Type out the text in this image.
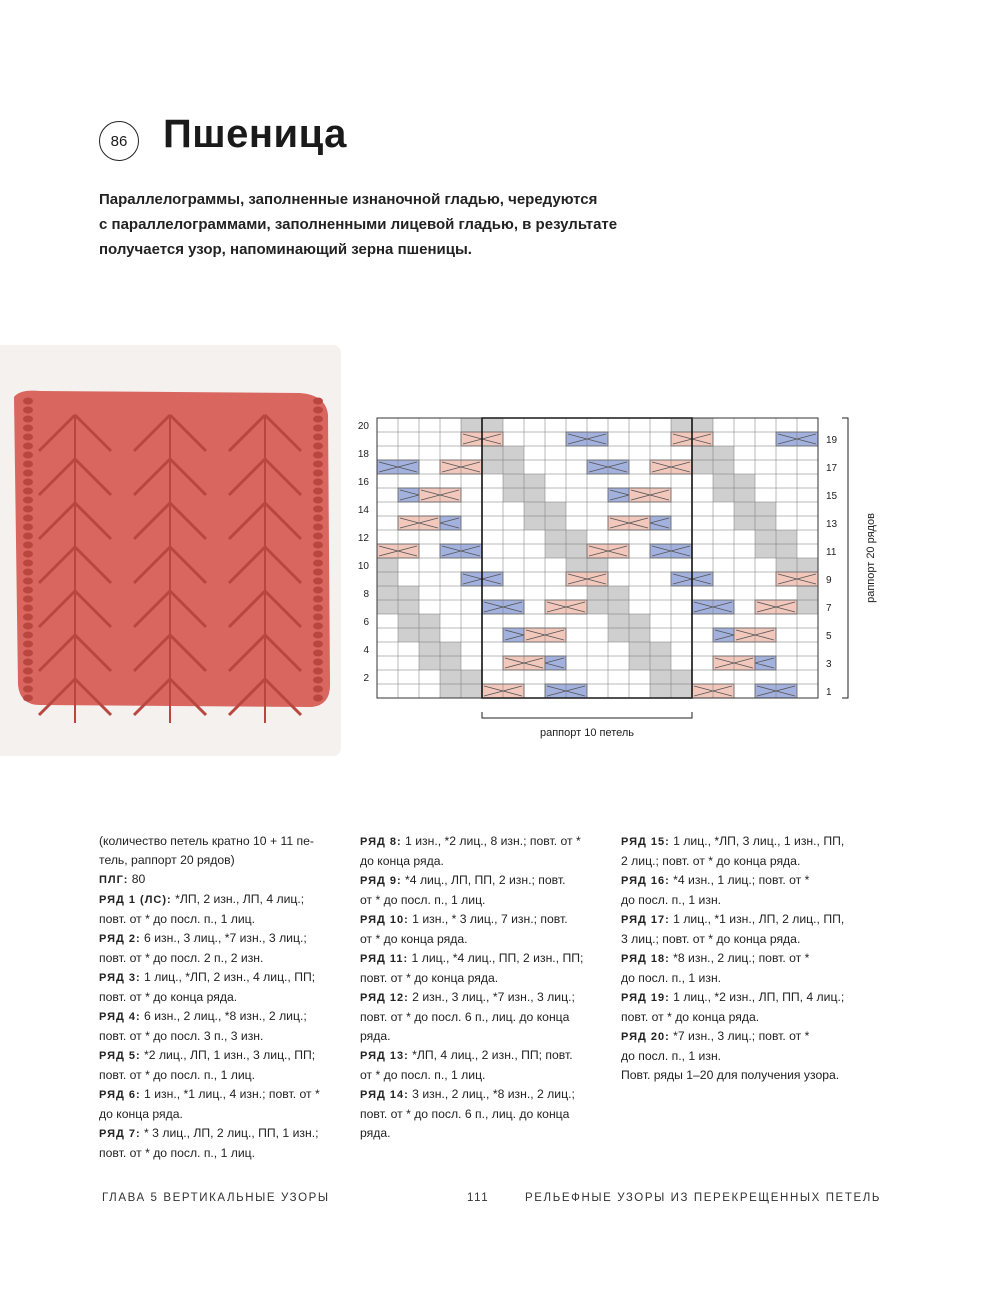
86 Пшеница
Параллелограммы, заполненные изнаночной гладью, чередуются
с параллелограммами, заполненными лицевой гладью, в результате
получается узор, напоминающий зерна пшеницы.
20
18
16
14
12
10
8
6
4
2
19
17
15
13
11
9
7
5
3
1
раппорт 20 рядов
раппорт 10 петель

(количество петель кратно 10 + 11 пе-

тель, раппорт 20 рядов)

ПЛГ: 80

РЯД 1 (ЛС): *ЛП, 2 изн., ЛП, 4 лиц.;

повт. от * до посл. п., 1 лиц.

РЯД 2: 6 изн., 3 лиц., *7 изн., 3 лиц.;

повт. от * до посл. 2 п., 2 изн.

РЯД 3: 1 лиц., *ЛП, 2 изн., 4 лиц., ПП;

повт. от * до конца ряда.

РЯД 4: 6 изн., 2 лиц., *8 изн., 2 лиц.;

повт. от * до посл. 3 п., 3 изн.

РЯД 5: *2 лиц., ЛП, 1 изн., 3 лиц., ПП;

повт. от * до посл. п., 1 лиц.

РЯД 6: 1 изн., *1 лиц., 4 изн.; повт. от *

до конца ряда.

РЯД 7: * 3 лиц., ЛП, 2 лиц., ПП, 1 изн.;

повт. от * до посл. п., 1 лиц.

РЯД 8: 1 изн., *2 лиц., 8 изн.; повт. от *

до конца ряда.

РЯД 9: *4 лиц., ЛП, ПП, 2 изн.; повт.

от * до посл. п., 1 лиц.

РЯД 10: 1 изн., * 3 лиц., 7 изн.; повт.

от * до конца ряда.

РЯД 11: 1 лиц., *4 лиц., ПП, 2 изн., ПП;

повт. от * до конца ряда.

РЯД 12: 2 изн., 3 лиц., *7 изн., 3 лиц.;

повт. от * до посл. 6 п., лиц. до конца

ряда.

РЯД 13: *ЛП, 4 лиц., 2 изн., ПП; повт.

от * до посл. п., 1 лиц.

РЯД 14: 3 изн., 2 лиц., *8 изн., 2 лиц.;

повт. от * до посл. 6 п., лиц. до конца

ряда.

РЯД 15: 1 лиц., *ЛП, 3 лиц., 1 изн., ПП,

2 лиц.; повт. от * до конца ряда.

РЯД 16: *4 изн., 1 лиц.; повт. от *

до посл. п., 1 изн.

РЯД 17: 1 лиц., *1 изн., ЛП, 2 лиц., ПП,

3 лиц.; повт. от * до конца ряда.

РЯД 18: *8 изн., 2 лиц.; повт. от *

до посл. п., 1 изн.

РЯД 19: 1 лиц., *2 изн., ЛП, ПП, 4 лиц.;

повт. от * до конца ряда.

РЯД 20: *7 изн., 3 лиц.; повт. от *

до посл. п., 1 изн.

Повт. ряды 1–20 для получения узора.

ГЛАВА 5 ВЕРТИКАЛЬНЫЕ УЗОРЫ	111	РЕЛЬЕФНЫЕ УЗОРЫ ИЗ ПЕРЕКРЕЩЕННЫХ ПЕТЕЛЬ
